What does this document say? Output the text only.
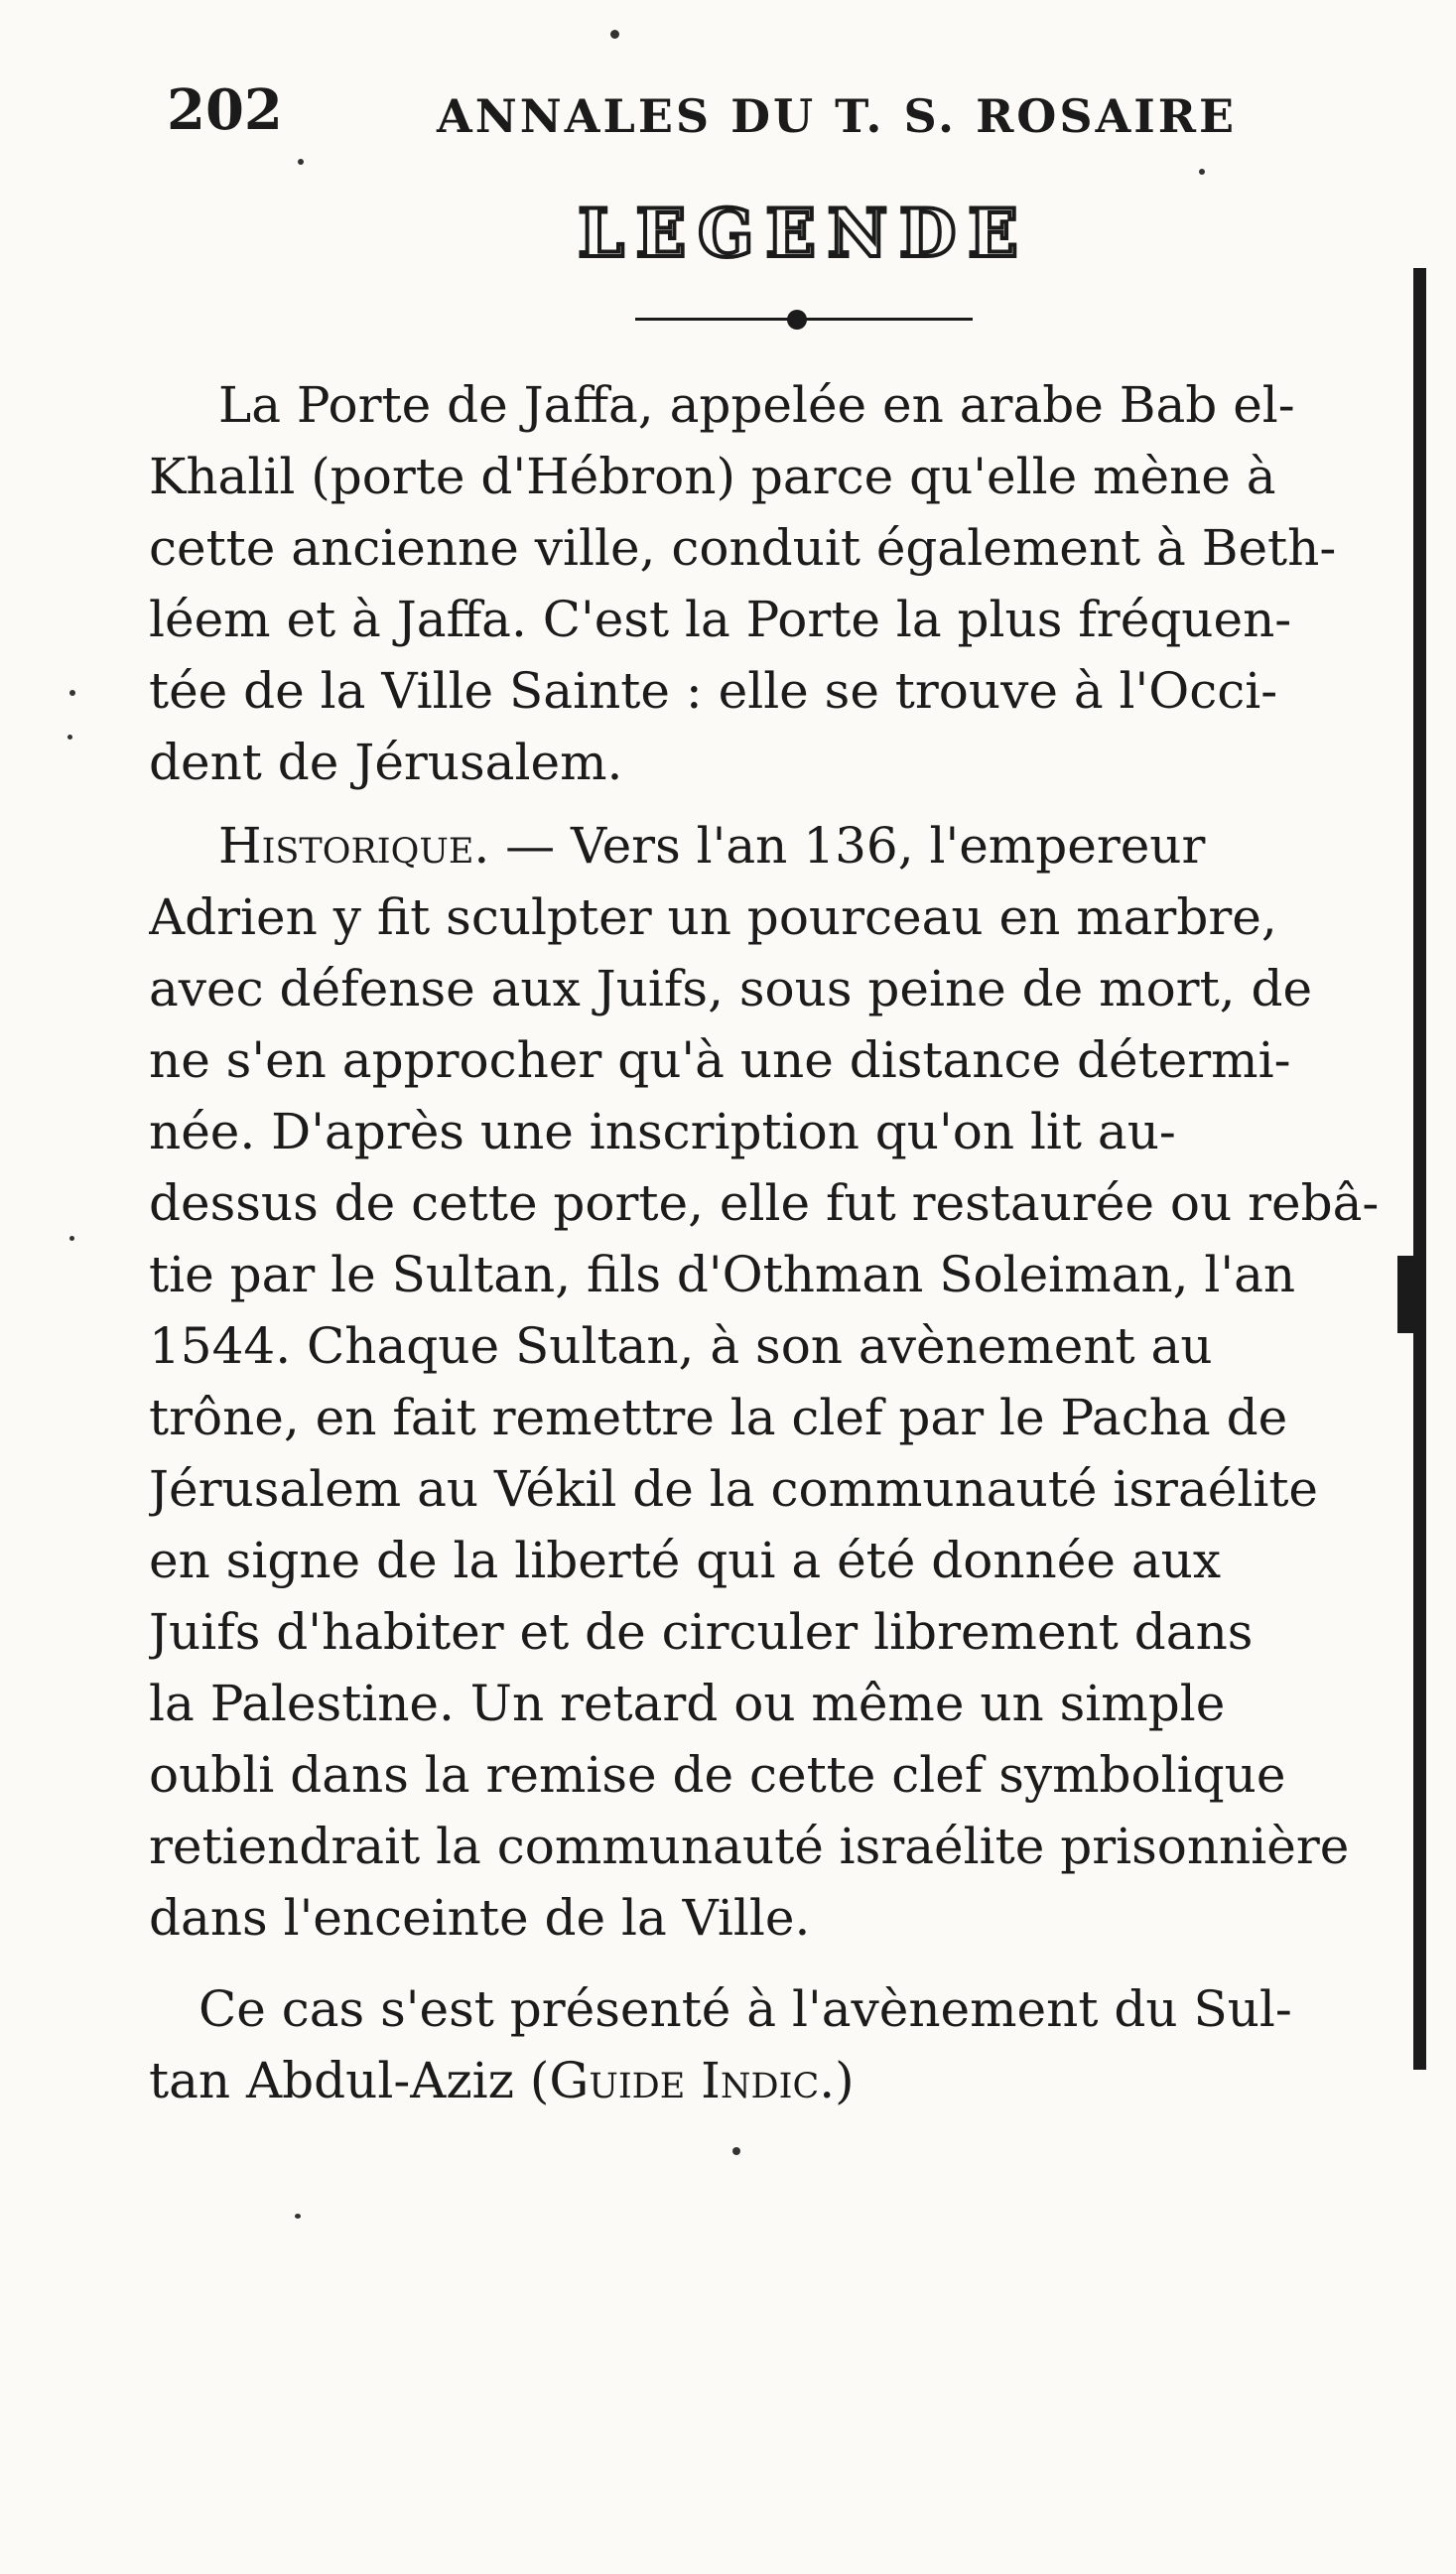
202	ANNALES DU T. S. ROSAIRE
LEGENDE
La Porte de Jaffa, appelée en arabe Bab el-
Khalil (porte d'Hébron) parce qu'elle mène à
cette ancienne ville, conduit également à Beth-
léem et à Jaffa. C'est la Porte la plus fréquen-
tée de la Ville Sainte : elle se trouve à l'Occi-
dent de Jérusalem.
Historique. — Vers l'an 136, l'empereur
Adrien y fit sculpter un pourceau en marbre,
avec défense aux Juifs, sous peine de mort, de
ne s'en approcher qu'à une distance détermi-
née. D'après une inscription qu'on lit au-
dessus de cette porte, elle fut restaurée ou rebâ-
tie par le Sultan, fils d'Othman Soleiman, l'an
1544. Chaque Sultan, à son avènement au
trône, en fait remettre la clef par le Pacha de
Jérusalem au Vékil de la communauté israélite
en signe de la liberté qui a été donnée aux
Juifs d'habiter et de circuler librement dans
la Palestine. Un retard ou même un simple
oubli dans la remise de cette clef symbolique
retiendrait la communauté israélite prisonnière
dans l'enceinte de la Ville.
Ce cas s'est présenté à l'avènement du Sul-
tan Abdul-Aziz (Guide Indic.)
